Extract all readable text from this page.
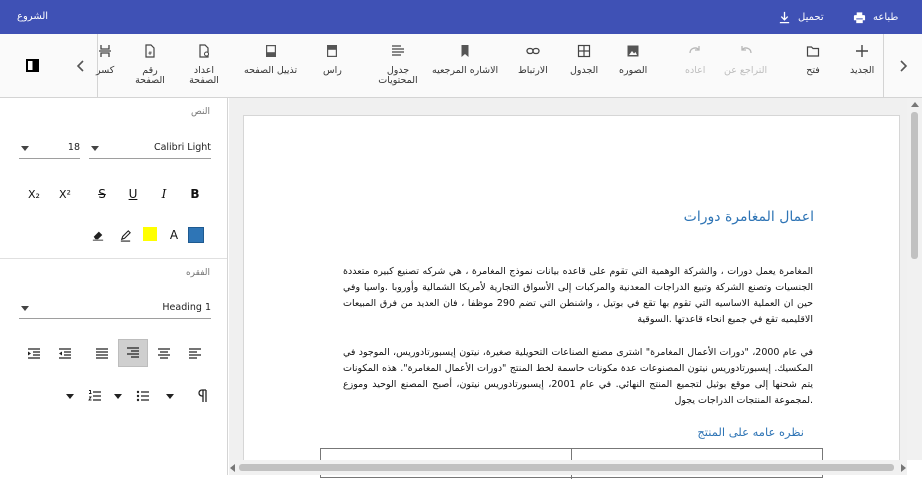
الشروع	تحميل	طباعه
كسر
#
رقم الصفحة
اعداد الصفحة
تذييل الصفحه	راس	جدول المحتويات
الاشاره المرجعيه الارتباط الجدول الصوره	اعاده التراجع عن	فتح	الجديد
النص
Calibri Light
18
B
I
U
S
X²
X₂
A
الفقره
Heading 1
اعمال المغامرة دورات

المغامرة يعمل دورات ، والشركة الوهمية التي تقوم على قاعده بيانات نموذج المغامرة ، هي شركه تصنيع كبيره متعددة الجنسيات وتصنع الشركة وتبيع الدراجات المعدنية والمركبات إلى الأسواق التجارية لأمريكا الشمالية وأوروبا .واسيا وفي حين ان العملية الاساسيه التي تقوم بها تقع في بوتيل ، واشنطن التي تضم 290 موظفا ، فان العديد من فرق المبيعات الاقليميه تقع في جميع انحاء قاعدتها .السوقية

في عام 2000، "دورات الأعمال المغامرة" اشترى مصنع الصناعات التحويلية صغيرة، نيتون إيسبورتادوريس، الموجود في المكسيك. إيسبورتادوريس نيتون المصنوعات عدة مكونات حاسمة لخط المنتج "دورات الأعمال المغامرة". هذه المكونات يتم شحنها إلى موقع بوثيل لتجميع المنتج النهائي. في عام 2001، إيسبورتادوريس نيتون، أصبح المصنع الوحيد وموزع .لمجموعة المنتجات الدراجات يجول

نظره عامه على المنتج
